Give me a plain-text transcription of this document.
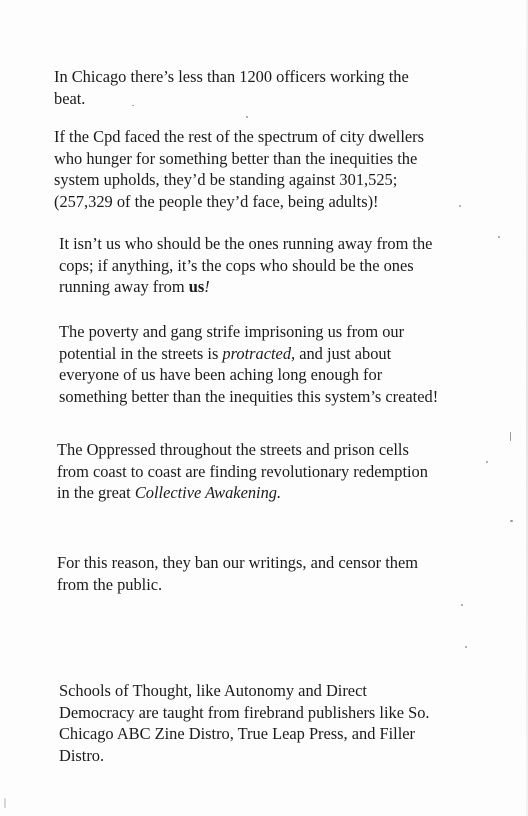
In Chicago there’s less than 1200 officers working the
beat.

If the Cpd faced the rest of the spectrum of city dwellers
who hunger for something better than the inequities the
system upholds, they’d be standing against 301,525;
(257,329 of the people they’d face, being adults)!

It isn’t us who should be the ones running away from the
cops; if anything, it’s the cops who should be the ones
running away from us!

The poverty and gang strife imprisoning us from our
potential in the streets is protracted, and just about
everyone of us have been aching long enough for
something better than the inequities this system’s created!

The Oppressed throughout the streets and prison cells
from coast to coast are finding revolutionary redemption
in the great Collective Awakening.

For this reason, they ban our writings, and censor them
from the public.

Schools of Thought, like Autonomy and Direct
Democracy are taught from firebrand publishers like So.
Chicago ABC Zine Distro, True Leap Press, and Filler
Distro.
